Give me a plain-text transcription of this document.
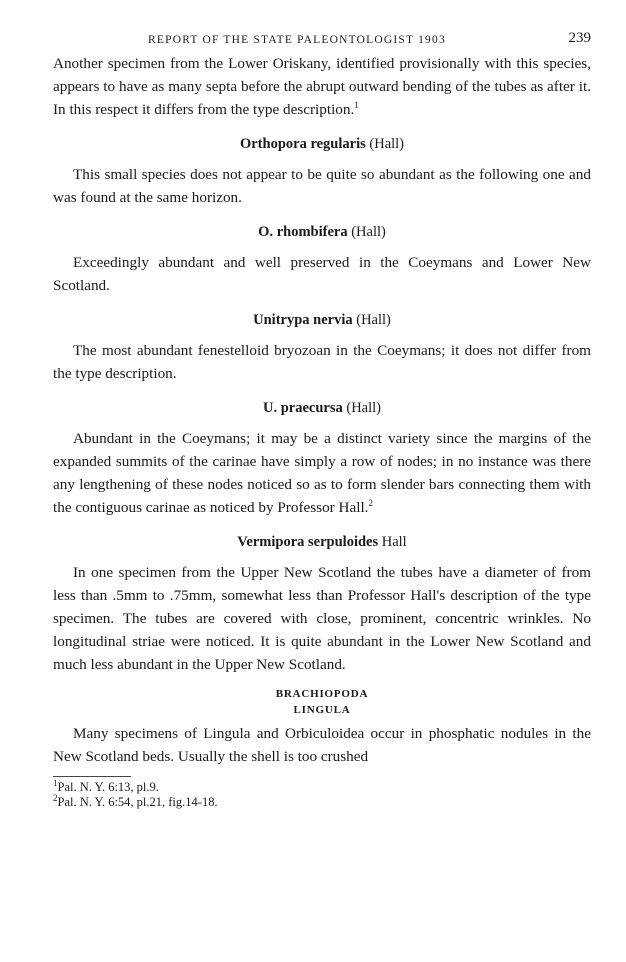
REPORT OF THE STATE PALEONTOLOGIST 1903	239

Another specimen from the Lower Oriskany, identified provisionally with this species, appears to have as many septa before the abrupt outward bending of the tubes as after it. In this respect it differs from the type description.$^1$

Orthopora regularis (Hall)

This small species does not appear to be quite so abundant as the following one and was found at the same horizon.

O. rhombifera (Hall)

Exceedingly abundant and well preserved in the Coeymans and Lower New Scotland.

Unitrypa nervia (Hall)

The most abundant fenestelloid bryozoan in the Coeymans; it does not differ from the type description.

U. praecursa (Hall)

Abundant in the Coeymans; it may be a distinct variety since the margins of the expanded summits of the carinae have simply a row of nodes; in no instance was there any lengthening of these nodes noticed so as to form slender bars connecting them with the contiguous carinae as noticed by Professor Hall.$^2$

Vermipora serpuloides Hall

In one specimen from the Upper New Scotland the tubes have a diameter of from less than .5mm to .75mm, somewhat less than Professor Hall's description of the type specimen. The tubes are covered with close, prominent, concentric wrinkles. No longitudinal striae were noticed. It is quite abundant in the Lower New Scotland and much less abundant in the Upper New Scotland.

BRACHIOPODA
LINGULA

Many specimens of Lingula and Orbiculoidea occur in phosphatic nodules in the New Scotland beds. Usually the shell is too crushed

$^1$Pal. N. Y. 6:13, pl.9.
$^2$Pal. N. Y. 6:54, pl.21, fig.14-18.
